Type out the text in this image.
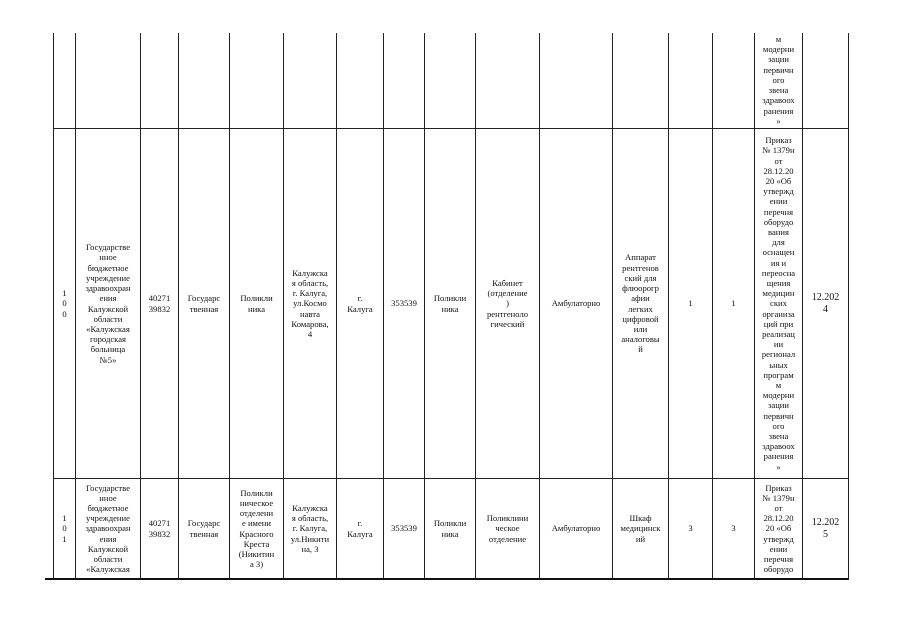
м
модерни
зации
первичн
ого
звена
здравоох
ранения
»
1
0
0
Государстве
нное
бюджетное
учреждение
здравоохран
ения
Калужской
области
«Калужская
городская
больница
№5»
40271
39832
Государс
твенная
Поликли
ника
Калужска
я область,
г. Калуга,
ул.Космо
навта
Комарова,
4
г.
Калуга
353539
Поликли
ника
Кабинет
(отделение
)
рентгеноло
гический
Амбулаторно
Аппарат
рентгенов
ский для
флюорогр
афии
легких
цифровой
или
аналоговы
й
1	1
Приказ
№ 1379н
от
28.12.20
20 «Об
утвержд
ении
перечня
оборудо
вания
для
оснащен
ия и
переосна
щения
медицин
ских
организа
ций при
реализац
ии
регионал
ьных
програм
м
модерни
зации
первичн
ого
звена
здравоох
ранения
»
12.202
4
1
0
1
Государстве
нное
бюджетное
учреждение
здравоохран
ения
Калужской
области
«Калужская
40271
39832
Государс
твенная
Поликли
ническое
отделени
е имени
Красного
Креста
(Никитин
а 3)
Калужска
я область,
г. Калуга,
ул.Никити
на, 3
г.
Калуга
353539
Поликли
ника
Поликлини
ческое
отделение
Амбулаторно
Шкаф
медицинск
ий
3	3
Приказ
№ 1379н
от
28.12.20
20 «Об
утвержд
ении
перечня
оборудо
12.202
5
